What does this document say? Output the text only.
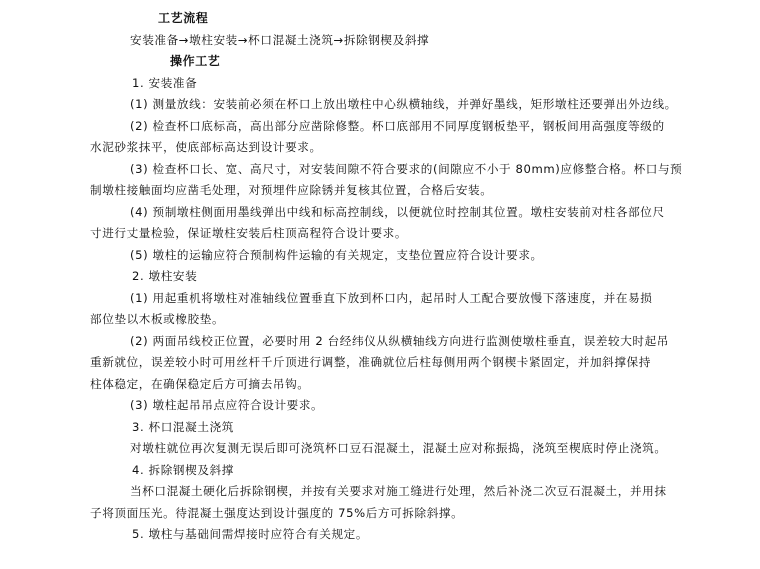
工艺流程
安装准备→墩柱安装→杯口混凝土浇筑→拆除钢楔及斜撑
操作工艺
1. 安装准备
(1) 测量放线：安装前必须在杯口上放出墩柱中心纵横轴线，并弹好墨线，矩形墩柱还要弹出外边线。
(2) 检查杯口底标高，高出部分应凿除修整。杯口底部用不同厚度钢板垫平，钢板间用高强度等级的
水泥砂浆抹平，使底部标高达到设计要求。
(3) 检查杯口长、宽、高尺寸，对安装间隙不符合要求的(间隙应不小于 80mm)应修整合格。杯口与预
制墩柱接触面均应凿毛处理，对预埋件应除锈并复核其位置，合格后安装。
(4) 预制墩柱侧面用墨线弹出中线和标高控制线，以便就位时控制其位置。墩柱安装前对柱各部位尺
寸进行丈量检验，保证墩柱安装后柱顶高程符合设计要求。
(5) 墩柱的运输应符合预制构件运输的有关规定，支垫位置应符合设计要求。
2. 墩柱安装
(1) 用起重机将墩柱对准轴线位置垂直下放到杯口内，起吊时人工配合要放慢下落速度，并在易损
部位垫以木板或橡胶垫。
(2) 两面吊线校正位置，必要时用 2 台经纬仪从纵横轴线方向进行监测使墩柱垂直，误差较大时起吊
重新就位，误差较小时可用丝杆千斤顶进行调整，准确就位后柱每侧用两个钢楔卡紧固定，并加斜撑保持
柱体稳定，在确保稳定后方可摘去吊钩。
(3) 墩柱起吊吊点应符合设计要求。
3. 杯口混凝土浇筑
对墩柱就位再次复测无误后即可浇筑杯口豆石混凝土，混凝土应对称振捣，浇筑至楔底时停止浇筑。
4. 拆除钢楔及斜撑
当杯口混凝土硬化后拆除钢楔，并按有关要求对施工缝进行处理，然后补浇二次豆石混凝土，并用抹
子将顶面压光。待混凝土强度达到设计强度的 75%后方可拆除斜撑。
5. 墩柱与基础间需焊接时应符合有关规定。
